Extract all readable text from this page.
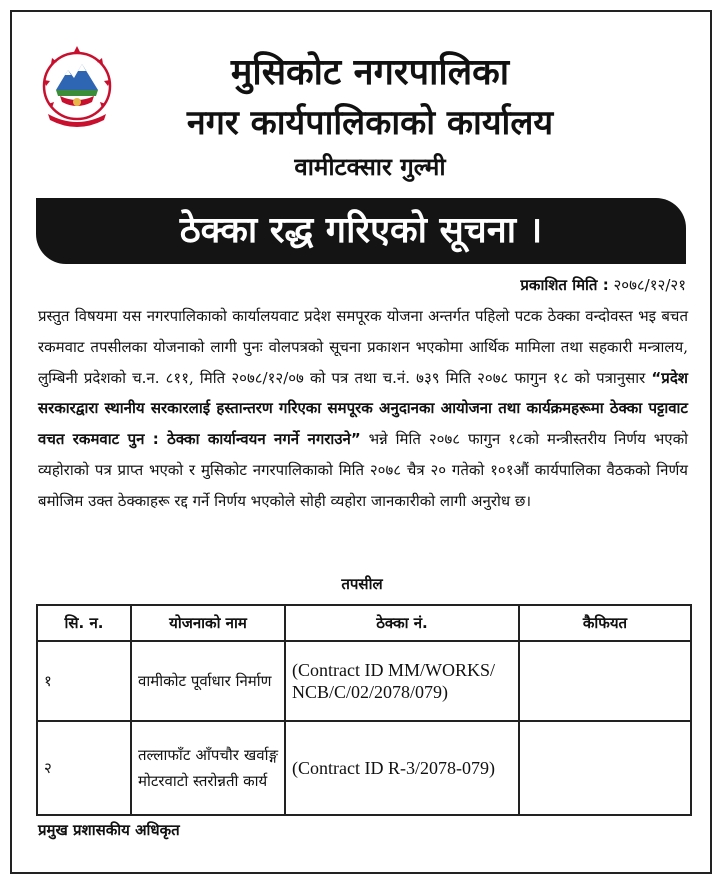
मुसिकोट नगरपालिका
नगर कार्यपालिकाको कार्यालय
वामीटक्सार गुल्मी
ठेक्का रद्ध गरिएको सूचना ।
प्रकाशित मिति : २०७८/१२/२१
प्रस्तुत विषयमा यस नगरपालिकाको कार्यालयवाट प्रदेश समपूरक योजना अन्तर्गत पहिलो पटक ठेक्का वन्दोवस्त भइ बचत रकमवाट तपसीलका योजनाको लागी पुनः वोलपत्रको सूचना प्रकाशन भएकोमा आर्थिक मामिला तथा सहकारी मन्त्रालय, लुम्बिनी प्रदेशको च.न. ८११, मिति २०७८/१२/०७ को पत्र तथा च.नं. ७३९ मिति २०७८ फागुन १८ को पत्रानुसार “प्रदेश सरकारद्वारा स्थानीय सरकारलाई हस्तान्तरण गरिएका समपूरक अनुदानका आयोजना तथा कार्यक्रमहरूमा ठेक्का पट्टावाट वचत रकमवाट पुन : ठेक्का कार्यान्वयन नगर्ने नगराउने” भन्ने मिति २०७८ फागुन १८को मन्त्रीस्तरीय निर्णय भएको व्यहोराको पत्र प्राप्त भएको र मुसिकोट नगरपालिकाको मिति २०७८ चैत्र २० गतेको १०१औं कार्यपालिका वैठकको निर्णय बमोजिम उक्त ठेक्काहरू रद्द गर्ने निर्णय भएकोले सोही व्यहोरा जानकारीको लागी अनुरोध छ।
तपसील
सि. न.	योजनाको नाम	ठेक्का नं.	कैफियत
१	वामीकोट पूर्वाधार निर्माण	(Contract ID MM/WORKS/ NCB/C/02/2078/079)	
२	तल्लाफाँट आँपचौर खर्वाङ्ग मोटरवाटो स्तरोन्नती कार्य	(Contract ID R-3/2078-079)	
प्रमुख प्रशासकीय अधिकृत
